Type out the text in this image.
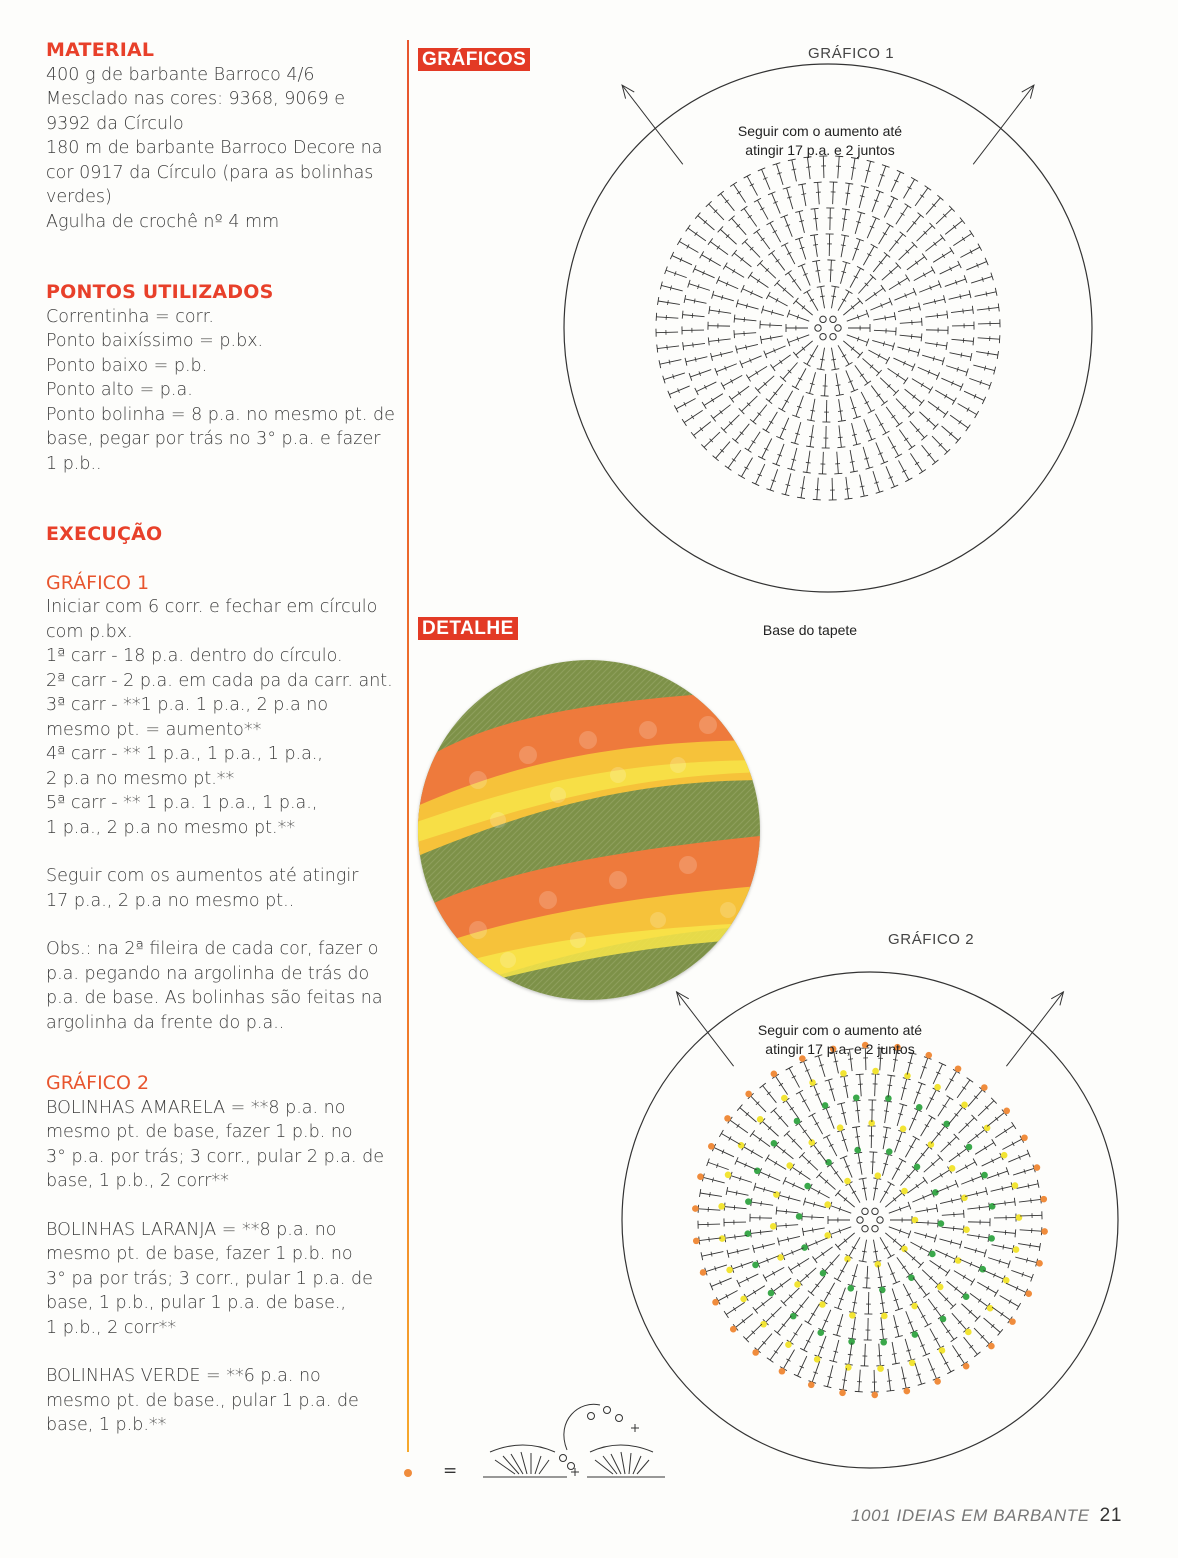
MATERIAL
400 g de barbante Barroco 4/6
Mesclado nas cores: 9368, 9069 e
9392 da Círculo
180 m de barbante Barroco Decore na
cor 0917 da Círculo (para as bolinhas
verdes)
Agulha de crochê nº 4 mm
PONTOS UTILIZADOS
Correntinha = corr.
Ponto baixíssimo = p.bx.
Ponto baixo = p.b.
Ponto alto = p.a.
Ponto bolinha = 8 p.a. no mesmo pt. de
base, pegar por trás no 3° p.a. e fazer
1 p.b..
EXECUÇÃO
GRÁFICO 1
Iniciar com 6 corr. e fechar em círculo
com p.bx.
1ª carr - 18 p.a. dentro do círculo.
2ª carr - 2 p.a. em cada pa da carr. ant.
3ª carr - **1 p.a. 1 p.a., 2 p.a no
mesmo pt. = aumento**
4ª carr - ** 1 p.a., 1 p.a., 1 p.a.,
2 p.a no mesmo pt.**
5ª carr - ** 1 p.a. 1 p.a., 1 p.a.,
1 p.a., 2 p.a no mesmo pt.**
Seguir com os aumentos até atingir
17 p.a., 2 p.a no mesmo pt..
Obs.: na 2ª fileira de cada cor, fazer o
p.a. pegando na argolinha de trás do
p.a. de base. As bolinhas são feitas na
argolinha da frente do p.a..
GRÁFICO 2
BOLINHAS AMARELA = **8 p.a. no
mesmo pt. de base, fazer 1 p.b. no
3° p.a. por trás; 3 corr., pular 2 p.a. de
base, 1 p.b., 2 corr**
BOLINHAS LARANJA = **8 p.a. no
mesmo pt. de base, fazer 1 p.b. no
3° pa por trás; 3 corr., pular 1 p.a. de
base, 1 p.b., pular 1 p.a. de base.,
1 p.b., 2 corr**
BOLINHAS VERDE = **6 p.a. no
mesmo pt. de base., pular 1 p.a. de
base, 1 p.b.**
GRÁFICOS
DETALHE
GRÁFICO 1
Seguir com o aumento até
atingir 17 p.a. e 2 juntos
Base do tapete
GRÁFICO 2
Seguir com o aumento até
atingir 17 p.a, e 2 juntos
=
1001 IDEIAS EM BARBANTE 21
